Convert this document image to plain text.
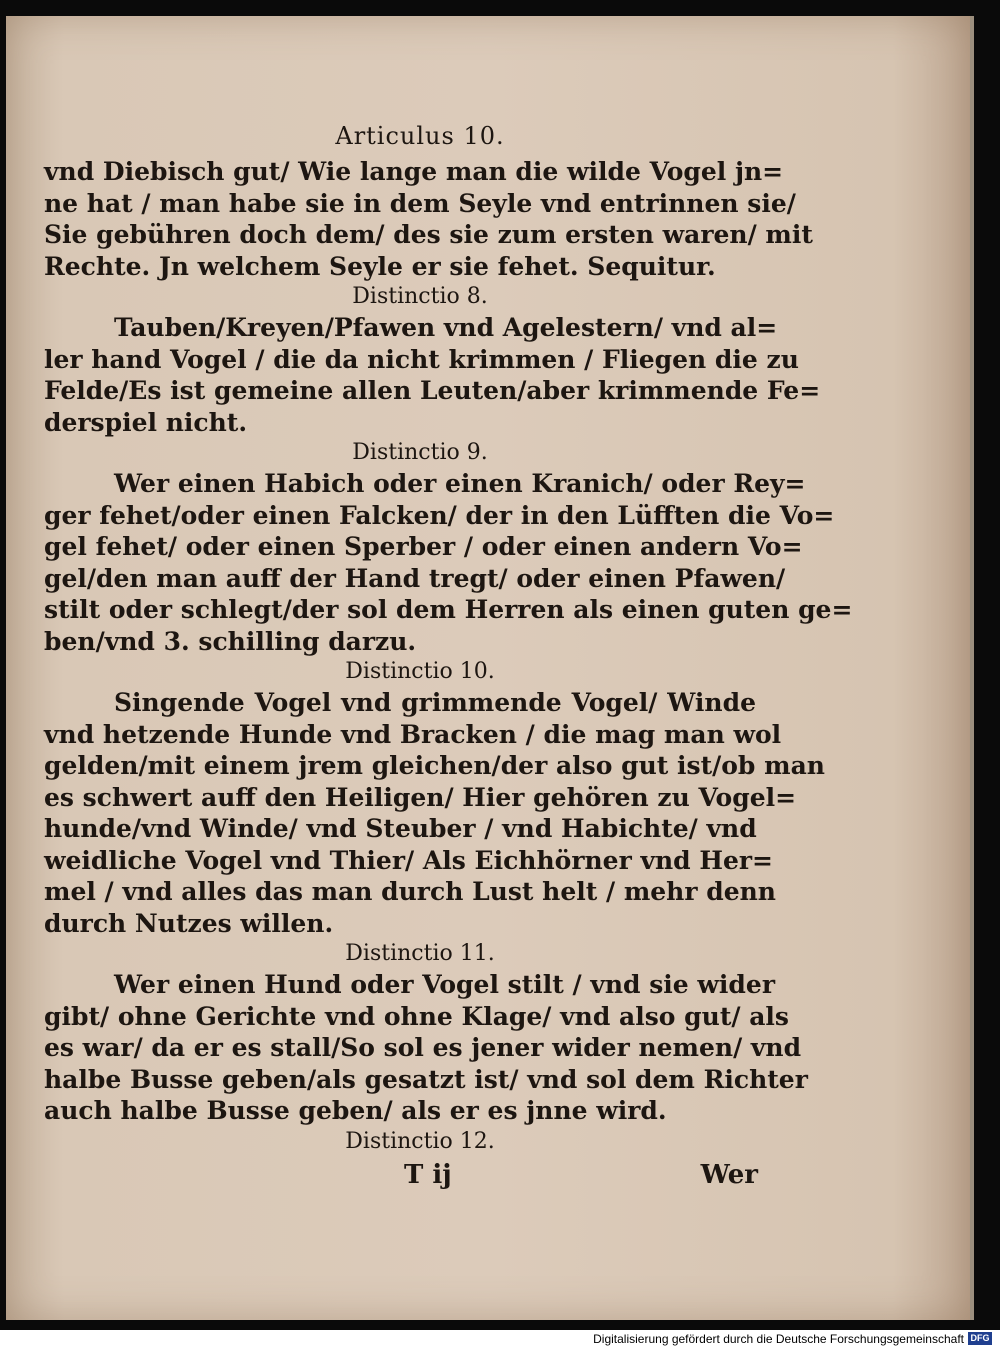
Articulus 10.
vnd Diebisch gut/ Wie lange man die wilde Vogel jn=
ne hat / man habe sie in dem Seyle vnd entrinnen sie/
Sie gebühren doch dem/ des sie zum ersten waren/ mit
Rechte. Jn welchem Seyle er sie fehet. Sequitur.
Distinctio 8.
Tauben/Kreyen/Pfawen vnd Agelestern/ vnd al=
ler hand Vogel / die da nicht krimmen / Fliegen die zu
Felde/Es ist gemeine allen Leuten/aber krimmende Fe=
derspiel nicht.
Distinctio 9.
Wer einen Habich oder einen Kranich/ oder Rey=
ger fehet/oder einen Falcken/ der in den Lüfften die Vo=
gel fehet/ oder einen Sperber / oder einen andern Vo=
gel/den man auff der Hand tregt/ oder einen Pfawen/
stilt oder schlegt/der sol dem Herren als einen guten ge=
ben/vnd 3. schilling darzu.
Distinctio 10.
Singende Vogel vnd grimmende Vogel/ Winde
vnd hetzende Hunde vnd Bracken / die mag man wol
gelden/mit einem jrem gleichen/der also gut ist/ob man
es schwert auff den Heiligen/ Hier gehören zu Vogel=
hunde/vnd Winde/ vnd Steuber / vnd Habichte/ vnd
weidliche Vogel vnd Thier/ Als Eichhörner vnd Her=
mel / vnd alles das man durch Lust helt / mehr denn
durch Nutzes willen.
Distinctio 11.
Wer einen Hund oder Vogel stilt / vnd sie wider
gibt/ ohne Gerichte vnd ohne Klage/ vnd also gut/ als
es war/ da er es stall/So sol es jener wider nemen/ vnd
halbe Busse geben/als gesatzt ist/ vnd sol dem Richter
auch halbe Busse geben/ als er es jnne wird.
Distinctio 12.
T ij	Wer
Digitalisierung gefördert durch die Deutsche Forschungsgemeinschaft DFG
